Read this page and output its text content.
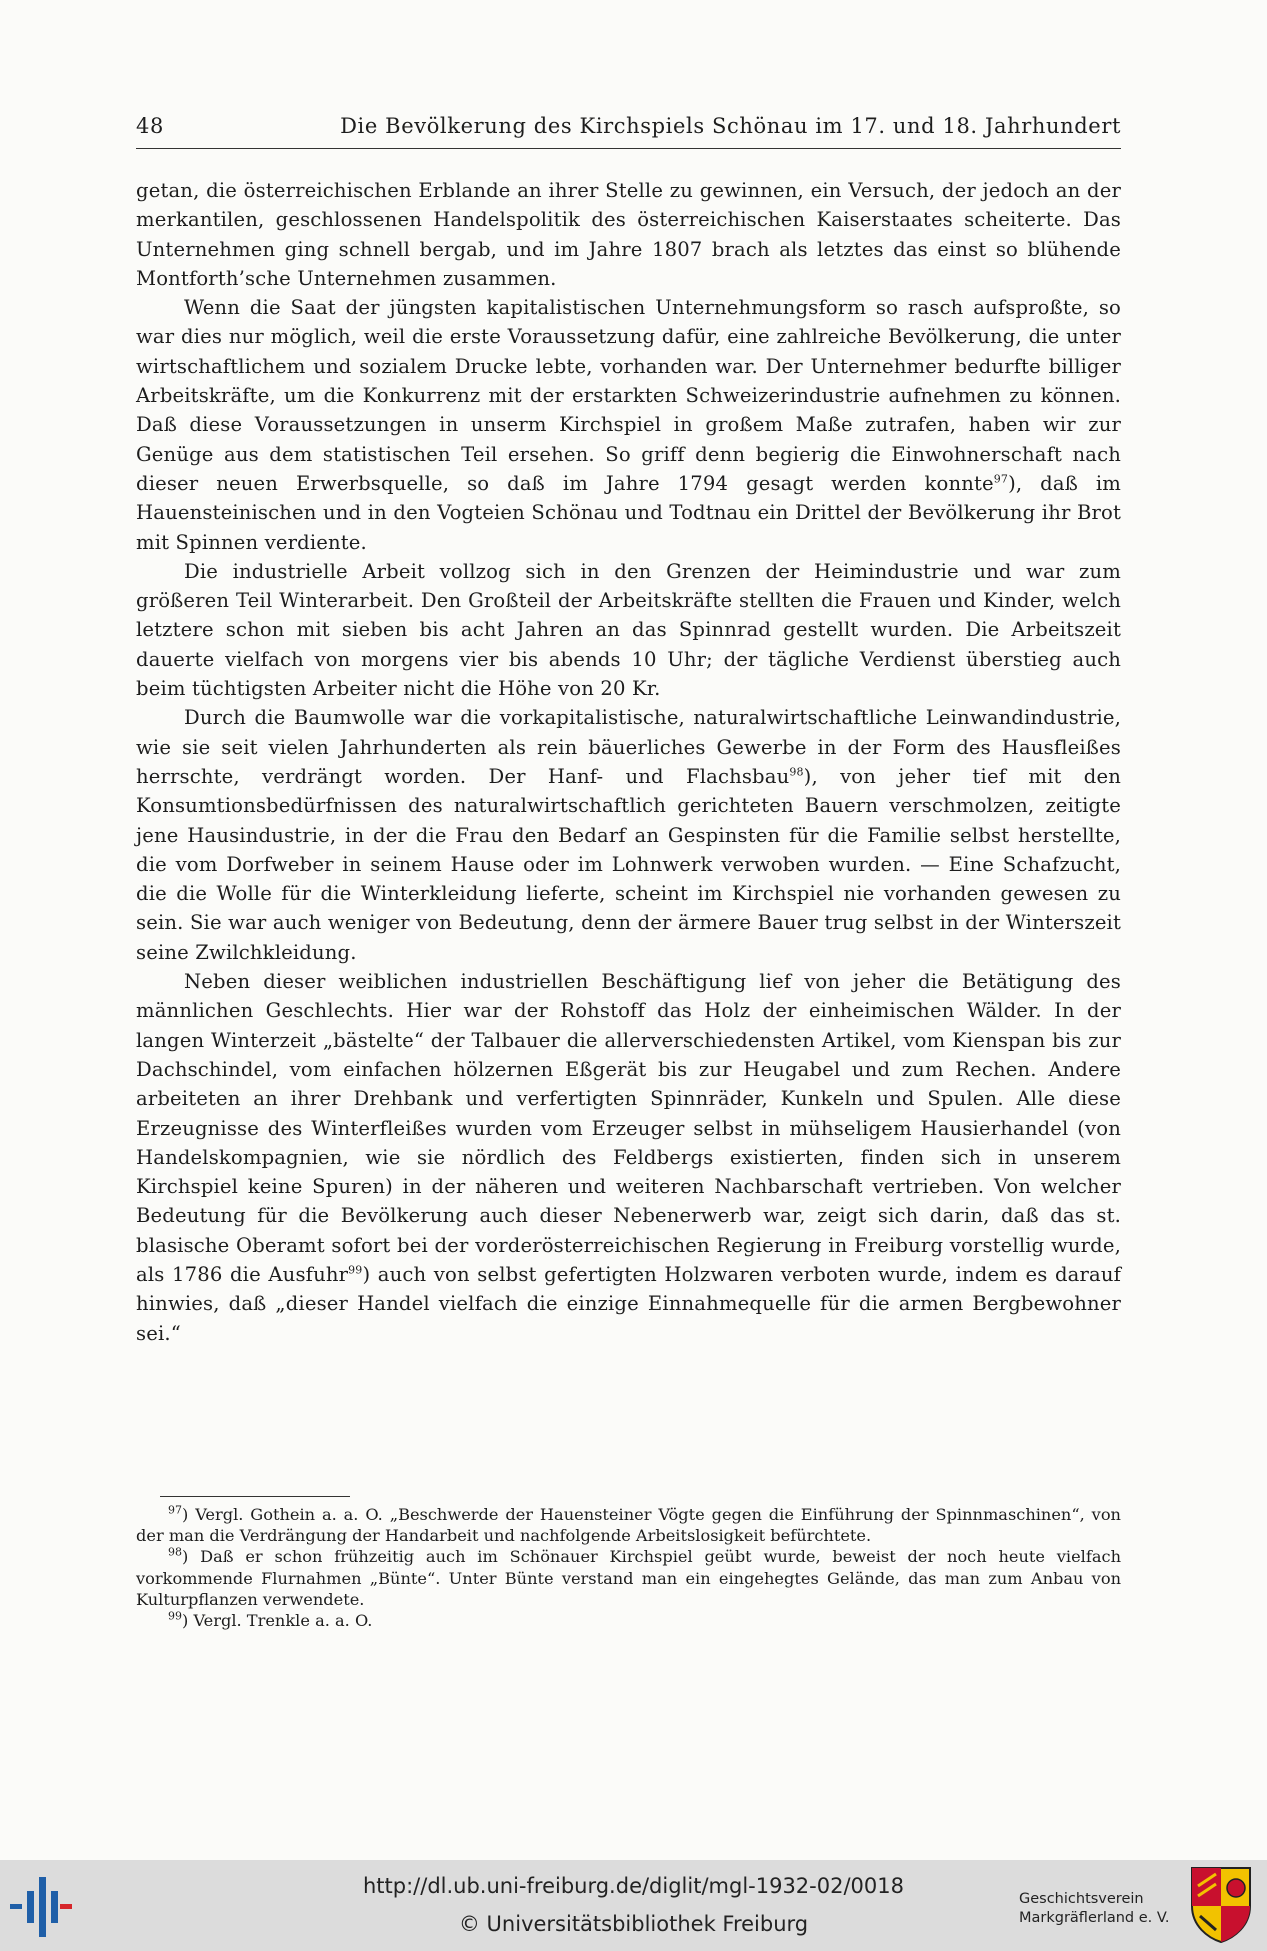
48	Die Bevölkerung des Kirchspiels Schönau im 17. und 18. Jahrhundert

getan, die österreichischen Erblande an ihrer Stelle zu gewinnen, ein Versuch, der jedoch an der merkantilen, geschlossenen Handelspolitik des österreichischen Kaiserstaates scheiterte. Das Unternehmen ging schnell bergab, und im Jahre 1807 brach als letztes das einst so blühende Montforth’sche Unternehmen zusammen.

Wenn die Saat der jüngsten kapitalistischen Unternehmungsform so rasch aufsproßte, so war dies nur möglich, weil die erste Voraussetzung dafür, eine zahlreiche Bevölkerung, die unter wirtschaftlichem und sozialem Drucke lebte, vorhanden war. Der Unternehmer bedurfte billiger Arbeitskräfte, um die Konkurrenz mit der erstarkten Schweizerindustrie aufnehmen zu können. Daß diese Voraussetzungen in unserm Kirchspiel in großem Maße zutrafen, haben wir zur Genüge aus dem statistischen Teil ersehen. So griff denn begierig die Einwohnerschaft nach dieser neuen Erwerbsquelle, so daß im Jahre 1794 gesagt werden konnte$^{97}$), daß im Hauensteinischen und in den Vogteien Schönau und Todtnau ein Drittel der Bevölkerung ihr Brot mit Spinnen verdiente.

Die industrielle Arbeit vollzog sich in den Grenzen der Heimindustrie und war zum größeren Teil Winterarbeit. Den Großteil der Arbeitskräfte stellten die Frauen und Kinder, welch letztere schon mit sieben bis acht Jahren an das Spinnrad gestellt wurden. Die Arbeitszeit dauerte vielfach von morgens vier bis abends 10 Uhr; der tägliche Verdienst überstieg auch beim tüchtigsten Arbeiter nicht die Höhe von 20 Kr.

Durch die Baumwolle war die vorkapitalistische, naturalwirtschaftliche Leinwandindustrie, wie sie seit vielen Jahrhunderten als rein bäuerliches Gewerbe in der Form des Hausfleißes herrschte, verdrängt worden. Der Hanf- und Flachsbau$^{98}$), von jeher tief mit den Konsumtionsbedürfnissen des naturalwirtschaftlich gerichteten Bauern verschmolzen, zeitigte jene Hausindustrie, in der die Frau den Bedarf an Gespinsten für die Familie selbst herstellte, die vom Dorfweber in seinem Hause oder im Lohnwerk verwoben wurden. — Eine Schafzucht, die die Wolle für die Winterkleidung lieferte, scheint im Kirchspiel nie vorhanden gewesen zu sein. Sie war auch weniger von Bedeutung, denn der ärmere Bauer trug selbst in der Winterszeit seine Zwilchkleidung.

Neben dieser weiblichen industriellen Beschäftigung lief von jeher die Betätigung des männlichen Geschlechts. Hier war der Rohstoff das Holz der einheimischen Wälder. In der langen Winterzeit „bästelte“ der Talbauer die allerverschiedensten Artikel, vom Kienspan bis zur Dachschindel, vom einfachen hölzernen Eßgerät bis zur Heugabel und zum Rechen. Andere arbeiteten an ihrer Drehbank und verfertigten Spinnräder, Kunkeln und Spulen. Alle diese Erzeugnisse des Winterfleißes wurden vom Erzeuger selbst in mühseligem Hausierhandel (von Handelskompagnien, wie sie nördlich des Feldbergs existierten, finden sich in unserem Kirchspiel keine Spuren) in der näheren und weiteren Nachbarschaft vertrieben. Von welcher Bedeutung für die Bevölkerung auch dieser Nebenerwerb war, zeigt sich darin, daß das st. blasische Oberamt sofort bei der vorderösterreichischen Regierung in Freiburg vorstellig wurde, als 1786 die Ausfuhr$^{99}$) auch von selbst gefertigten Holzwaren verboten wurde, indem es darauf hinwies, daß „dieser Handel vielfach die einzige Einnahmequelle für die armen Bergbewohner sei.“

$^{97}$) Vergl. Gothein a. a. O. „Beschwerde der Hauensteiner Vögte gegen die Einführung der Spinnmaschinen“, von der man die Verdrängung der Handarbeit und nachfolgende Arbeitslosigkeit befürchtete.

$^{98}$) Daß er schon frühzeitig auch im Schönauer Kirchspiel geübt wurde, beweist der noch heute vielfach vorkommende Flurnahmen „Bünte“. Unter Bünte verstand man ein eingehegtes Gelände, das man zum Anbau von Kulturpflanzen verwendete.

$^{99}$) Vergl. Trenkle a. a. O.

http://dl.ub.uni-freiburg.de/diglit/mgl-1932-02/0018
© Universitätsbibliothek Freiburg
Geschichtsverein
Markgräflerland e. V.
